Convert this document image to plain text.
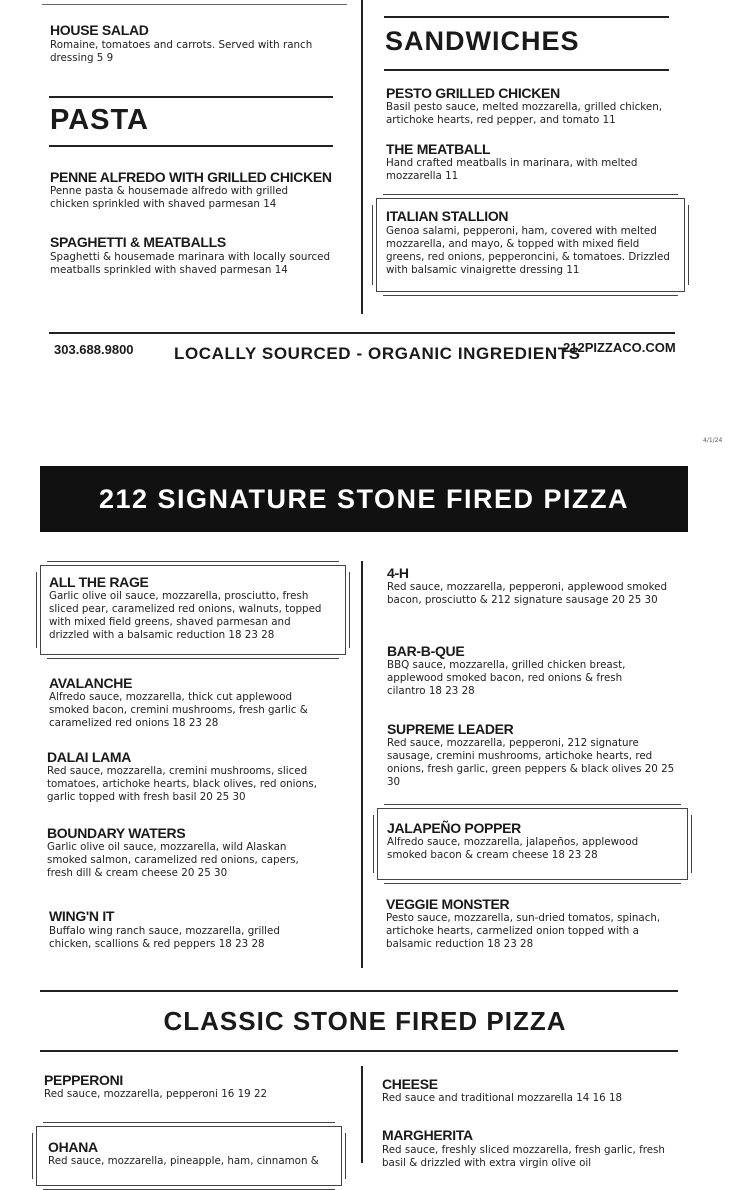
HOUSE SALAD
Romaine, tomatoes and carrots. Served with ranch dressing 5 9
PASTA
PENNE ALFREDO WITH GRILLED CHICKEN
Penne pasta & housemade alfredo with grilled chicken sprinkled with shaved parmesan 14
SPAGHETTI & MEATBALLS
Spaghetti & housemade marinara with locally sourced meatballs sprinkled with shaved parmesan 14
SANDWICHES
PESTO GRILLED CHICKEN
Basil pesto sauce, melted mozzarella, grilled chicken, artichoke hearts, red pepper, and tomato 11
THE MEATBALL
Hand crafted meatballs in marinara, with melted mozzarella 11
ITALIAN STALLION
Genoa salami, pepperoni, ham, covered with melted mozzarella, and mayo, & topped with mixed field greens, red onions, pepperoncini, & tomatoes. Drizzled with balsamic vinaigrette dressing 11
303.688.9800 LOCALLY SOURCED - ORGANIC INGREDIENTS
212PIZZACO.COM
4/1/24
212 SIGNATURE STONE FIRED PIZZA
ALL THE RAGE
Garlic olive oil sauce, mozzarella, prosciutto, fresh sliced pear, caramelized red onions, walnuts, topped with mixed field greens, shaved parmesan and drizzled with a balsamic reduction 18 23 28
AVALANCHE
Alfredo sauce, mozzarella, thick cut applewood smoked bacon, cremini mushrooms, fresh garlic & caramelized red onions 18 23 28
DALAI LAMA
Red sauce, mozzarella, cremini mushrooms, sliced tomatoes, artichoke hearts, black olives, red onions, garlic topped with fresh basil 20 25 30
BOUNDARY WATERS
Garlic olive oil sauce, mozzarella, wild Alaskan smoked salmon, caramelized red onions, capers, fresh dill & cream cheese 20 25 30
WING'N IT
Buffalo wing ranch sauce, mozzarella, grilled chicken, scallions & red peppers 18 23 28
4-H
Red sauce, mozzarella, pepperoni, applewood smoked bacon, prosciutto & 212 signature sausage 20 25 30
BAR-B-QUE
BBQ sauce, mozzarella, grilled chicken breast, applewood smoked bacon, red onions & fresh cilantro 18 23 28
SUPREME LEADER
Red sauce, mozzarella, pepperoni, 212 signature sausage, cremini mushrooms, artichoke hearts, red onions, fresh garlic, green peppers & black olives 20 25 30
JALAPEÑO POPPER
Alfredo sauce, mozzarella, jalapeños, applewood smoked bacon & cream cheese 18 23 28
VEGGIE MONSTER
Pesto sauce, mozzarella, sun-dried tomatos, spinach, artichoke hearts, carmelized onion topped with a balsamic reduction 18 23 28
CLASSIC STONE FIRED PIZZA
PEPPERONI
Red sauce, mozzarella, pepperoni 16 19 22
OHANA
Red sauce, mozzarella, pineapple, ham, cinnamon &
CHEESE
Red sauce and traditional mozzarella 14 16 18
MARGHERITA
Red sauce, freshly sliced mozzarella, fresh garlic, fresh basil & drizzled with extra virgin olive oil
